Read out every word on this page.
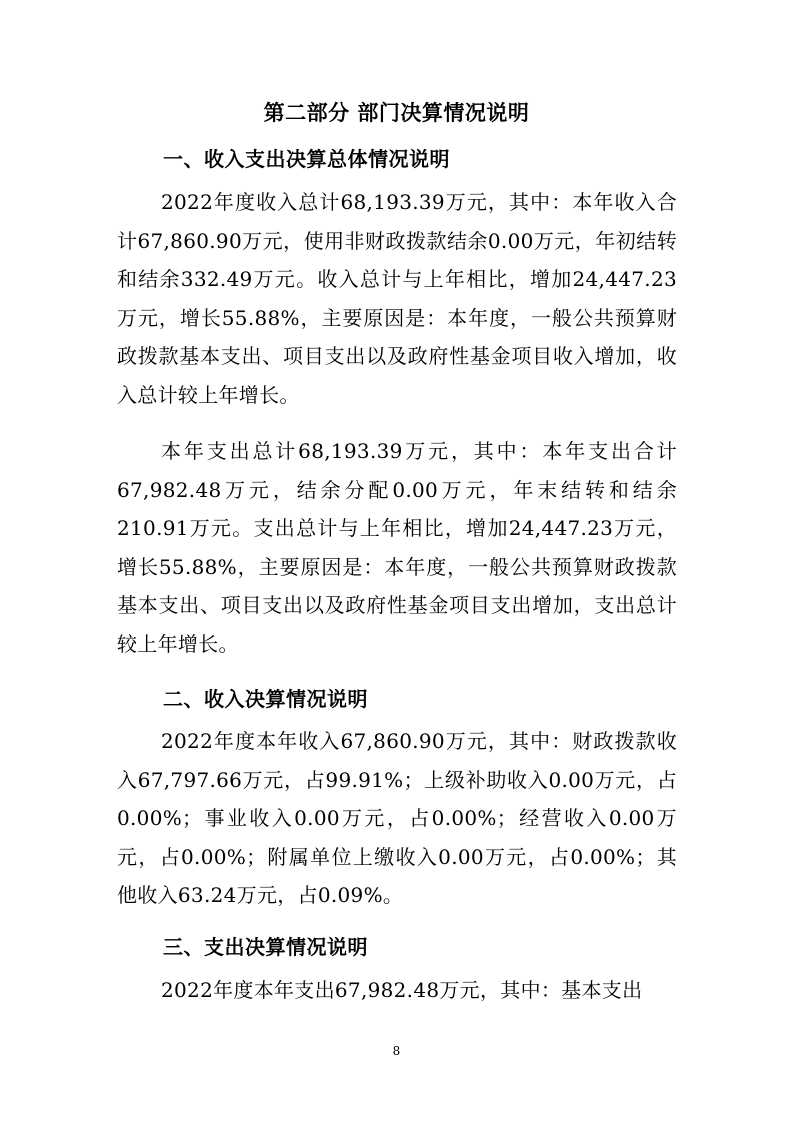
第二部分 部门决算情况说明
一、收入支出决算总体情况说明
2022年度收入总计68,193.39万元，其中：本年收入合计67,860.90万元，使用非财政拨款结余0.00万元，年初结转和结余332.49万元。收入总计与上年相比，增加24,447.23万元，增长55.88%，主要原因是：本年度，一般公共预算财政拨款基本支出、项目支出以及政府性基金项目收入增加，收入总计较上年增长。
本年支出总计68,193.39万元，其中：本年支出合计67,982.48万元，结余分配0.00万元，年末结转和结余210.91万元。支出总计与上年相比，增加24,447.23万元，增长55.88%，主要原因是：本年度，一般公共预算财政拨款基本支出、项目支出以及政府性基金项目支出增加，支出总计较上年增长。
二、收入决算情况说明
2022年度本年收入67,860.90万元，其中：财政拨款收入67,797.66万元，占99.91%；上级补助收入0.00万元，占0.00%；事业收入0.00万元，占0.00%；经营收入0.00万元，占0.00%；附属单位上缴收入0.00万元，占0.00%；其他收入63.24万元，占0.09%。
三、支出决算情况说明
2022年度本年支出67,982.48万元，其中：基本支出
8
